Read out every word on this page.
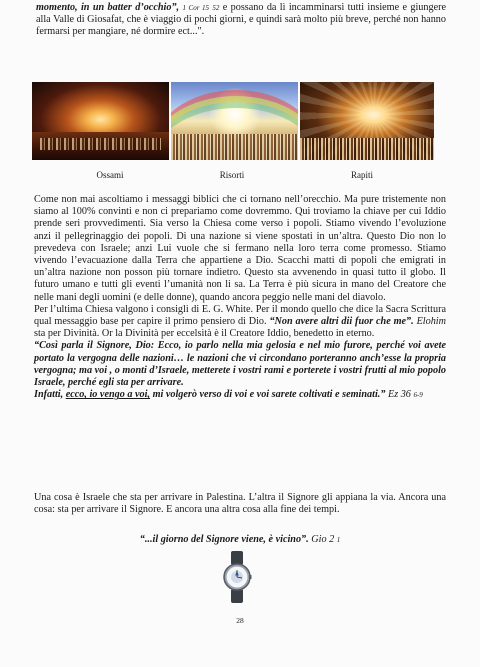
momento, in un batter d’occhio”, 1 Cor 15 52 e possano da lì incamminarsi tutti insieme e giungere alla Valle di Giosafat, che è viaggio di pochi giorni, e quindi sarà molto più breve, perché non hanno fermarsi per mangiare, né dormire ect...".
Ossami	Risorti	Rapiti
Come non mai ascoltiamo i messaggi biblici che ci tornano nell’orecchio. Ma pure tristemente non siamo al 100% convinti e non ci prepariamo come dovremmo. Qui troviamo la chiave per cui Iddio prende seri provvedimenti. Sia verso la Chiesa come verso i popoli. Stiamo vivendo l’evoluzione anzi il pellegrinaggio dei popoli. Di una nazione si viene spostati in un’altra. Questo Dio non lo prevedeva con Israele; anzi Lui vuole che si fermano nella loro terra come promesso. Stiamo vivendo l’evacuazione dalla Terra che appartiene a Dio. Scacchi matti di popoli che emigrati in un’altra nazione non posson più tornare indietro. Questo sta avvenendo in quasi tutto il globo. Il futuro umano e tutti gli eventi l’umanità non li sa. La Terra è più sicura in mano del Creatore che nelle mani degli uomini (e delle donne), quando ancora peggio nelle mani del diavolo.
Per l’ultima Chiesa valgono i consigli di E. G. White. Per il mondo quello che dice la Sacra Scrittura qual messaggio base per capire il primo pensiero di Dio. “Non avere altri dii fuor che me”. Elohim sta per Divinità. Or la Divinità per eccelsità è il Creatore Iddio, benedetto in eterno.
“Così parla il Signore, Dio: Ecco, io parlo nella mia gelosia e nel mio furore, perché voi avete portato la vergogna delle nazioni… le nazioni che vi circondano porteranno anch’esse la propria vergogna; ma voi , o monti d’Israele, metterete i vostri rami e porterete i vostri frutti al mio popolo Israele, perché egli sta per arrivare.
Infatti, ecco, io vengo a voi, mi volgerò verso di voi e voi sarete coltivati e seminati.” Ez 36 6-9
Una cosa è Israele che sta per arrivare in Palestina. L’altra il Signore gli appiana la via. Ancora una cosa: sta per arrivare il Signore. E ancora una altra cosa alla fine dei tempi.
“...il giorno del Signore viene, è vicino”. Gio 2 1
28
